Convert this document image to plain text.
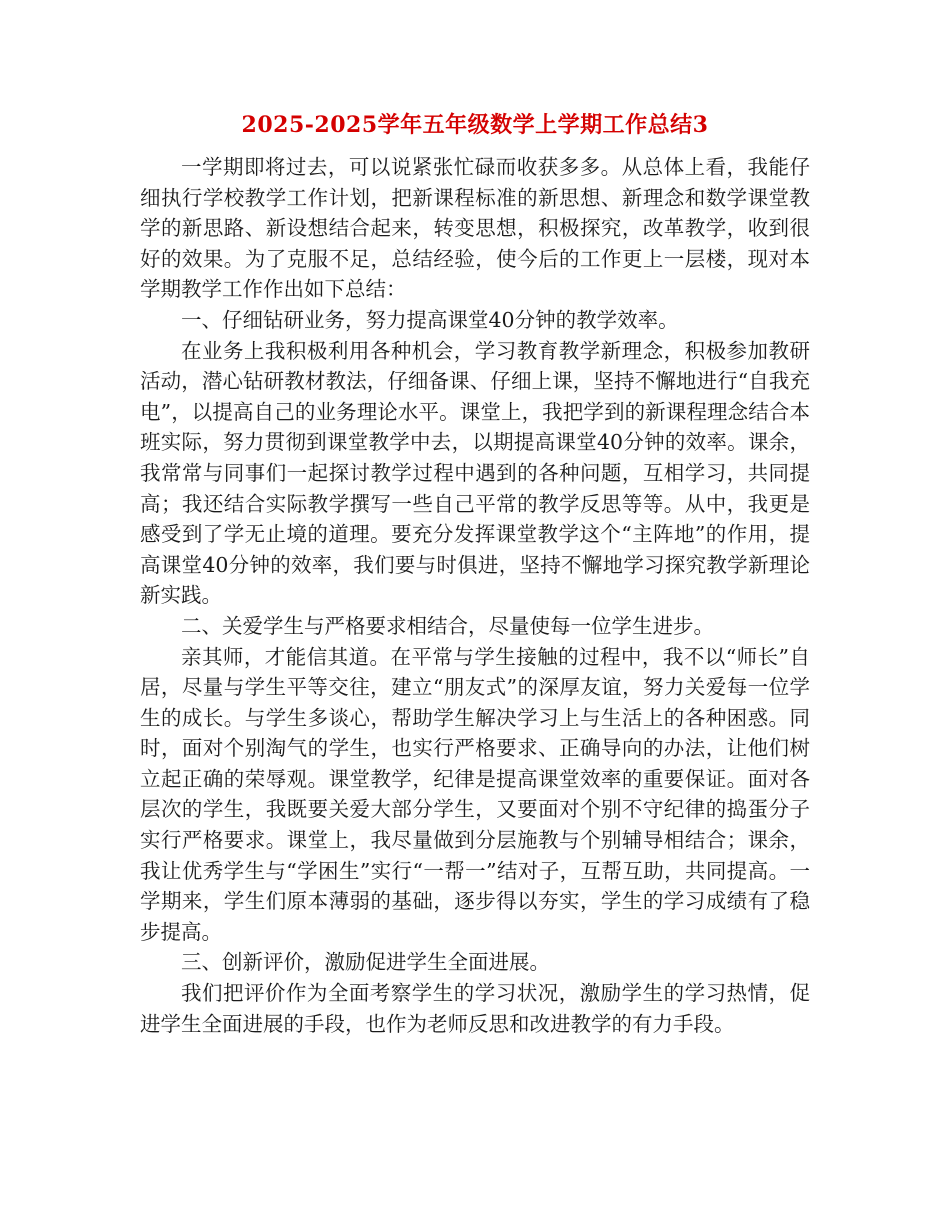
2025-2025学年五年级数学上学期工作总结3

一学期即将过去，可以说紧张忙碌而收获多多。从总体上看，我能仔细执行学校教学工作计划，把新课程标准的新思想、新理念和数学课堂教学的新思路、新设想结合起来，转变思想，积极探究，改革教学，收到很好的效果。为了克服不足，总结经验，使今后的工作更上一层楼，现对本学期教学工作作出如下总结：

一、仔细钻研业务，努力提高课堂40分钟的教学效率。

在业务上我积极利用各种机会，学习教育教学新理念，积极参加教研活动，潜心钻研教材教法，仔细备课、仔细上课，坚持不懈地进行“自我充电”，以提高自己的业务理论水平。课堂上，我把学到的新课程理念结合本班实际，努力贯彻到课堂教学中去，以期提高课堂40分钟的效率。课余，我常常与同事们一起探讨教学过程中遇到的各种问题，互相学习，共同提高；我还结合实际教学撰写一些自己平常的教学反思等等。从中，我更是感受到了学无止境的道理。要充分发挥课堂教学这个“主阵地”的作用，提高课堂40分钟的效率，我们要与时俱进，坚持不懈地学习探究教学新理论新实践。

二、关爱学生与严格要求相结合，尽量使每一位学生进步。

亲其师，才能信其道。在平常与学生接触的过程中，我不以“师长”自居，尽量与学生平等交往，建立“朋友式”的深厚友谊，努力关爱每一位学生的成长。与学生多谈心，帮助学生解决学习上与生活上的各种困惑。同时，面对个别淘气的学生，也实行严格要求、正确导向的办法，让他们树立起正确的荣辱观。课堂教学，纪律是提高课堂效率的重要保证。面对各层次的学生，我既要关爱大部分学生，又要面对个别不守纪律的捣蛋分子实行严格要求。课堂上，我尽量做到分层施教与个别辅导相结合；课余，我让优秀学生与“学困生”实行“一帮一”结对子，互帮互助，共同提高。一学期来，学生们原本薄弱的基础，逐步得以夯实，学生的学习成绩有了稳步提高。

三、创新评价，激励促进学生全面进展。

我们把评价作为全面考察学生的学习状况，激励学生的学习热情，促进学生全面进展的手段，也作为老师反思和改进教学的有力手段。
